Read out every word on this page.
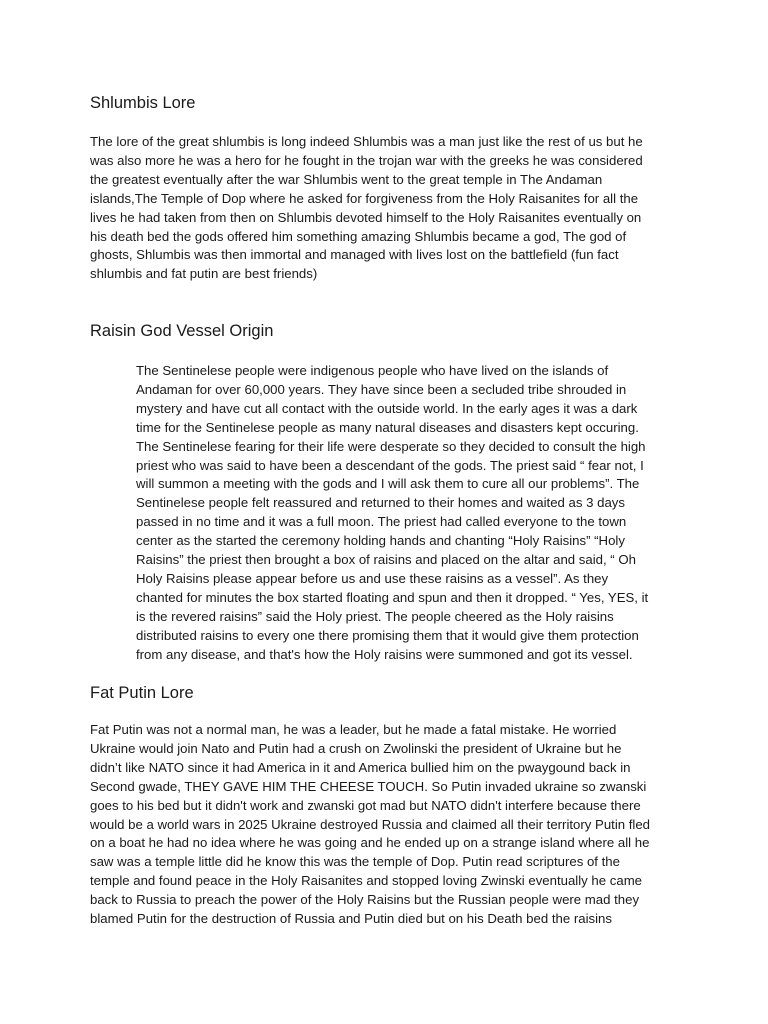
Shlumbis Lore
The lore of the great shlumbis is long indeed Shlumbis was a man just like the rest of us but he
was also more he was a hero for he fought in the trojan war with the greeks he was considered
the greatest eventually after the war Shlumbis went to the great temple in The Andaman
islands,The Temple of Dop where he asked for forgiveness from the Holy Raisanites for all the
lives he had taken from then on Shlumbis devoted himself to the Holy Raisanites eventually on
his death bed the gods offered him something amazing Shlumbis became a god, The god of
ghosts, Shlumbis was then immortal and managed with lives lost on the battlefield (fun fact
shlumbis and fat putin are best friends)
Raisin God Vessel Origin
The Sentinelese people were indigenous people who have lived on the islands of
Andaman for over 60,000 years. They have since been a secluded tribe shrouded in
mystery and have cut all contact with the outside world. In the early ages it was a dark
time for the Sentinelese people as many natural diseases and disasters kept occuring.
The Sentinelese fearing for their life were desperate so they decided to consult the high
priest who was said to have been a descendant of the gods. The priest said “ fear not, I
will summon a meeting with the gods and I will ask them to cure all our problems”. The
Sentinelese people felt reassured and returned to their homes and waited as 3 days
passed in no time and it was a full moon. The priest had called everyone to the town
center as the started the ceremony holding hands and chanting “Holy Raisins” “Holy
Raisins” the priest then brought a box of raisins and placed on the altar and said, “ Oh
Holy Raisins please appear before us and use these raisins as a vessel”. As they
chanted for minutes the box started floating and spun and then it dropped. “ Yes, YES, it
is the revered raisins” said the Holy priest. The people cheered as the Holy raisins
distributed raisins to every one there promising them that it would give them protection
from any disease, and that's how the Holy raisins were summoned and got its vessel.
Fat Putin Lore
Fat Putin was not a normal man, he was a leader, but he made a fatal mistake. He worried
Ukraine would join Nato and Putin had a crush on Zwolinski the president of Ukraine but he
didn’t like NATO since it had America in it and America bullied him on the pwaygound back in
Second gwade, THEY GAVE HIM THE CHEESE TOUCH. So Putin invaded ukraine so zwanski
goes to his bed but it didn't work and zwanski got mad but NATO didn't interfere because there
would be a world wars in 2025 Ukraine destroyed Russia and claimed all their territory Putin fled
on a boat he had no idea where he was going and he ended up on a strange island where all he
saw was a temple little did he know this was the temple of Dop. Putin read scriptures of the
temple and found peace in the Holy Raisanites and stopped loving Zwinski eventually he came
back to Russia to preach the power of the Holy Raisins but the Russian people were mad they
blamed Putin for the destruction of Russia and Putin died but on his Death bed the raisins
